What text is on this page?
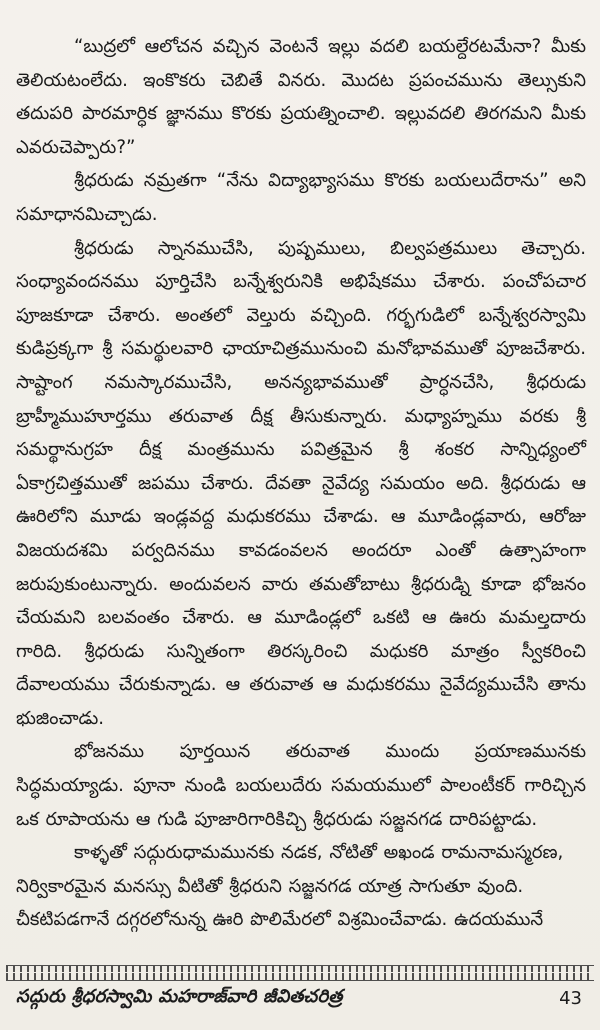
“బుద్రలో ఆలోచన వచ్చిన వెంటనే ఇల్లు వదలి బయల్దేరటమేనా? మీకు తెలియటంలేదు. ఇంకొకరు చెబితే వినరు. మొదట ప్రపంచమును తెల్సుకుని తదుపరి పారమార్ధిక జ్ఞానము కొరకు ప్రయత్నించాలి. ఇల్లువదలి తిరగమని మీకు ఎవరుచెప్పారు?”

శ్రీధరుడు నమ్రతగా “నేను విద్యాభ్యాసము కొరకు బయలుదేరాను” అని సమాధానమిచ్చాడు.

శ్రీధరుడు స్నానముచేసి, పుష్పములు, బిల్వపత్రములు తెచ్చారు. సంధ్యావందనము పూర్తిచేసి బన్నేశ్వరునికి అభిషేకము చేశారు. పంచోపచార పూజకూడా చేశారు. అంతలో వెల్తురు వచ్చింది. గర్భగుడిలో బన్నేశ్వరస్వామి కుడిప్రక్కగా శ్రీ సమర్థులవారి ఛాయాచిత్రమునుంచి మనోభావముతో పూజచేశారు. సాష్టాంగ నమస్కారముచేసి, అనన్యభావముతో ప్రార్ధనచేసి, శ్రీధరుడు బ్రాహ్మీముహూర్తము తరువాత దీక్ష తీసుకున్నారు. మధ్యాహ్నము వరకు శ్రీ సమర్థానుగ్రహ దీక్ష మంత్రమును పవిత్రమైన శ్రీ శంకర సాన్నిధ్యంలో ఏకాగ్రచిత్తముతో జపము చేశారు. దేవతా నైవేద్య సమయం అది. శ్రీధరుడు ఆ ఊరిలోని మూడు ఇండ్లవద్ద మధుకరము చేశాడు. ఆ మూడిండ్లవారు, ఆరోజు విజయదశమి పర్వదినము కావడంవలన అందరూ ఎంతో ఉత్సాహంగా జరుపుకుంటున్నారు. అందువలన వారు తమతోబాటు శ్రీధరుడ్ని కూడా భోజనం చేయమని బలవంతం చేశారు. ఆ మూడిండ్లలో ఒకటి ఆ ఊరు మమల్తదారు గారిది. శ్రీధరుడు సున్నితంగా తిరస్కరించి మధుకరి మాత్రం స్వీకరించి దేవాలయము చేరుకున్నాడు. ఆ తరువాత ఆ మధుకరము నైవేద్యముచేసి తాను భుజించాడు.

భోజనము పూర్తయిన తరువాత ముందు ప్రయాణమునకు సిద్ధమయ్యాడు. పూనా నుండి బయలుదేరు సమయములో పాలంటీకర్ గారిచ్చిన ఒక రూపాయను ఆ గుడి పూజారిగారికిచ్చి శ్రీధరుడు సజ్జనగడ దారిపట్టాడు.

కాళ్ళతో సద్గురుధామమునకు నడక, నోటితో అఖండ రామనామస్మరణ, నిర్వికారమైన మనస్సు వీటితో శ్రీధరుని సజ్జనగడ యాత్ర సాగుతూ వుంది. చీకటిపడగానే దగ్గరలోనున్న ఊరి పొలిమేరలో విశ్రమించేవాడు. ఉదయమునే

సద్గురు శ్రీధరస్వామి మహరాజ్‌వారి జీవితచరిత్ర	43
